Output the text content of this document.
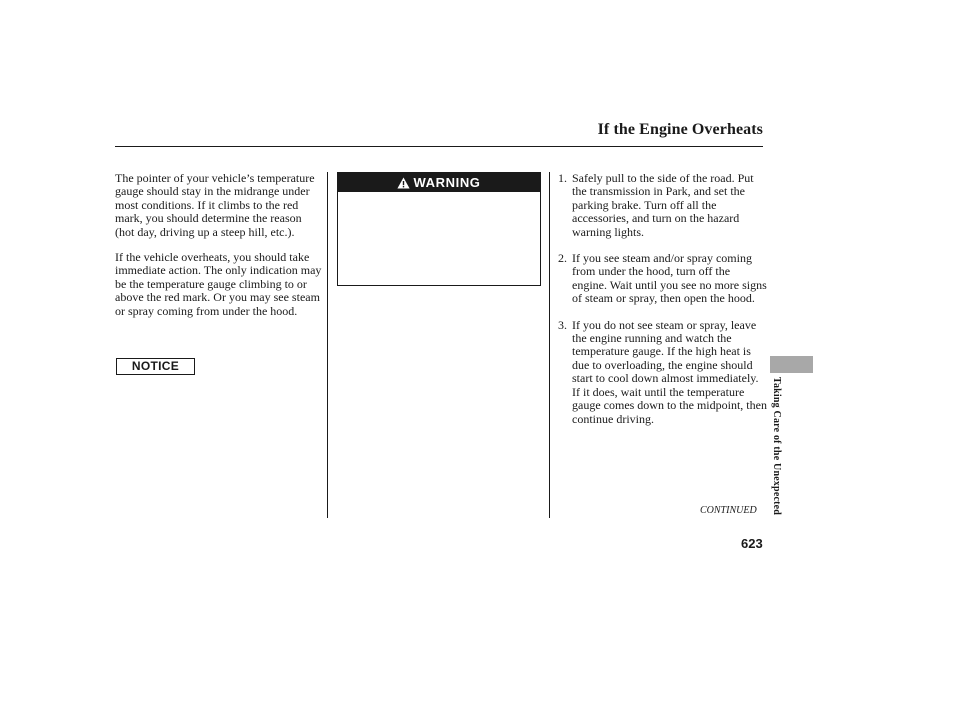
If the Engine Overheats

The pointer of your vehicle’s temperature gauge should stay in the midrange under most conditions. If it climbs to the red mark, you should determine the reason (hot day, driving up a steep hill, etc.).

If the vehicle overheats, you should take immediate action. The only indication may be the temperature gauge climbing to or above the red mark. Or you may see steam or spray coming from under the hood.

NOTICE
WARNING	1. Safely pull to the side of the road. Put the transmission in Park, and set the parking brake. Turn off all the accessories, and turn on the hazard warning lights.
2. If you see steam and/or spray coming from under the hood, turn off the engine. Wait until you see no more signs of steam or spray, then open the hood.
3. If you do not see steam or spray, leave the engine running and watch the temperature gauge. If the high heat is due to overloading, the engine should start to cool down almost immediately. If it does, wait until the temperature gauge comes down to the midpoint, then continue driving.
CONTINUED
623
Taking Care of the Unexpected
